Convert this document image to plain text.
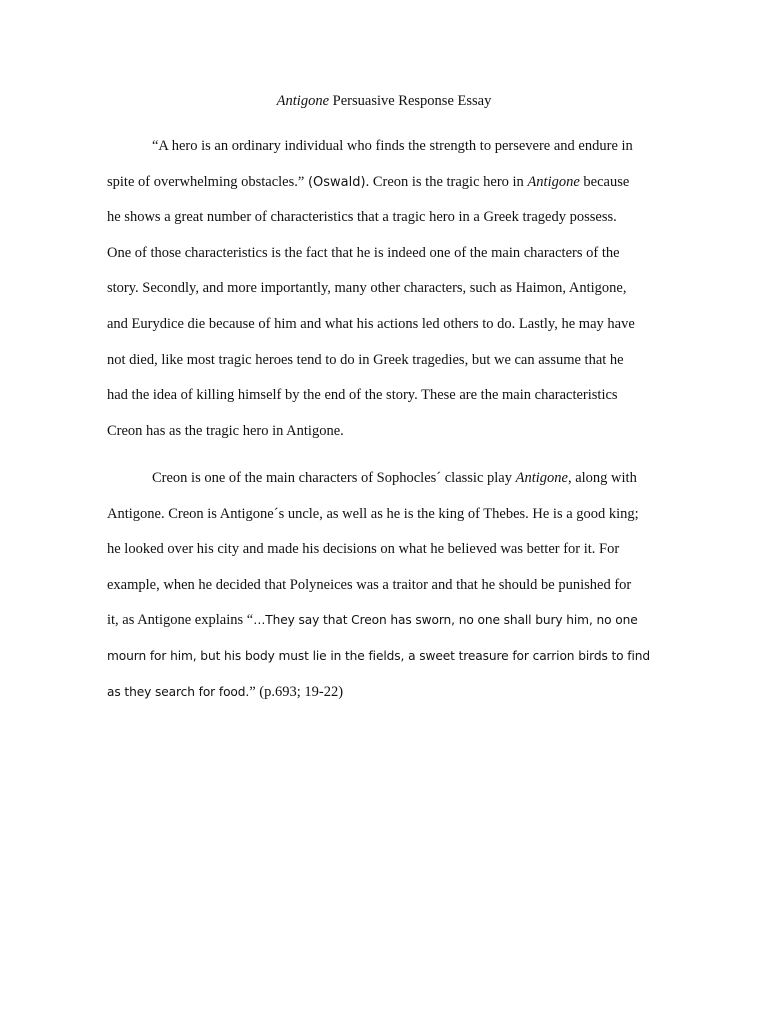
Antigone Persuasive Response Essay
“A hero is an ordinary individual who finds the strength to persevere and endure in
spite of overwhelming obstacles.” (Oswald). Creon is the tragic hero in Antigone because
he shows a great number of characteristics that a tragic hero in a Greek tragedy possess.
One of those characteristics is the fact that he is indeed one of the main characters of the
story. Secondly, and more importantly, many other characters, such as Haimon, Antigone,
and Eurydice die because of him and what his actions led others to do. Lastly, he may have
not died, like most tragic heroes tend to do in Greek tragedies, but we can assume that he
had the idea of killing himself by the end of the story. These are the main characteristics
Creon has as the tragic hero in Antigone.
Creon is one of the main characters of Sophocles´ classic play Antigone, along with
Antigone. Creon is Antigone´s uncle, as well as he is the king of Thebes. He is a good king;
he looked over his city and made his decisions on what he believed was better for it. For
example, when he decided that Polyneices was a traitor and that he should be punished for
it, as Antigone explains “…They say that Creon has sworn, no one shall bury him, no one
mourn for him, but his body must lie in the fields, a sweet treasure for carrion birds to find
as they search for food.” (p.693; 19-22)
